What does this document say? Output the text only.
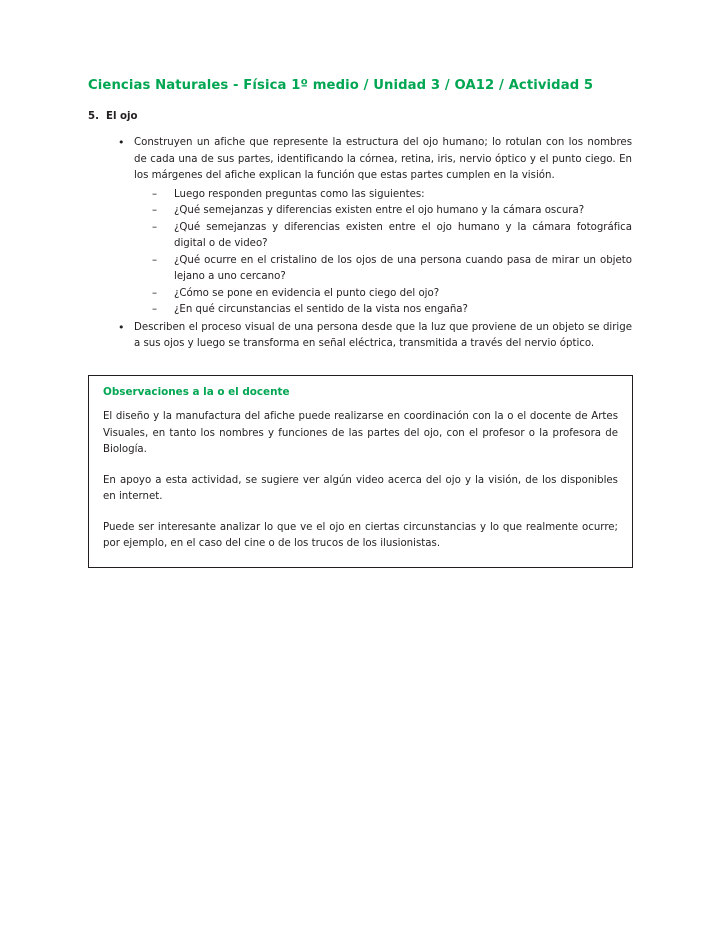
Ciencias Naturales - Física 1º medio / Unidad 3 / OA12 / Actividad 5
5. El ojo
• Construyen un afiche que represente la estructura del ojo humano; lo rotulan con los nombres de cada una de sus partes, identificando la córnea, retina, iris, nervio óptico y el punto ciego. En los márgenes del afiche explican la función que estas partes cumplen en la visión.
– Luego responden preguntas como las siguientes:
– ¿Qué semejanzas y diferencias existen entre el ojo humano y la cámara oscura?
– ¿Qué semejanzas y diferencias existen entre el ojo humano y la cámara fotográfica digital o de video?
– ¿Qué ocurre en el cristalino de los ojos de una persona cuando pasa de mirar un objeto lejano a uno cercano?
– ¿Cómo se pone en evidencia el punto ciego del ojo?
– ¿En qué circunstancias el sentido de la vista nos engaña?
• Describen el proceso visual de una persona desde que la luz que proviene de un objeto se dirige a sus ojos y luego se transforma en señal eléctrica, transmitida a través del nervio óptico.
Observaciones a la o el docente

El diseño y la manufactura del afiche puede realizarse en coordinación con la o el docente de Artes Visuales, en tanto los nombres y funciones de las partes del ojo, con el profesor o la profesora de Biología.

En apoyo a esta actividad, se sugiere ver algún video acerca del ojo y la visión, de los disponibles en internet.

Puede ser interesante analizar lo que ve el ojo en ciertas circunstancias y lo que realmente ocurre; por ejemplo, en el caso del cine o de los trucos de los ilusionistas.
